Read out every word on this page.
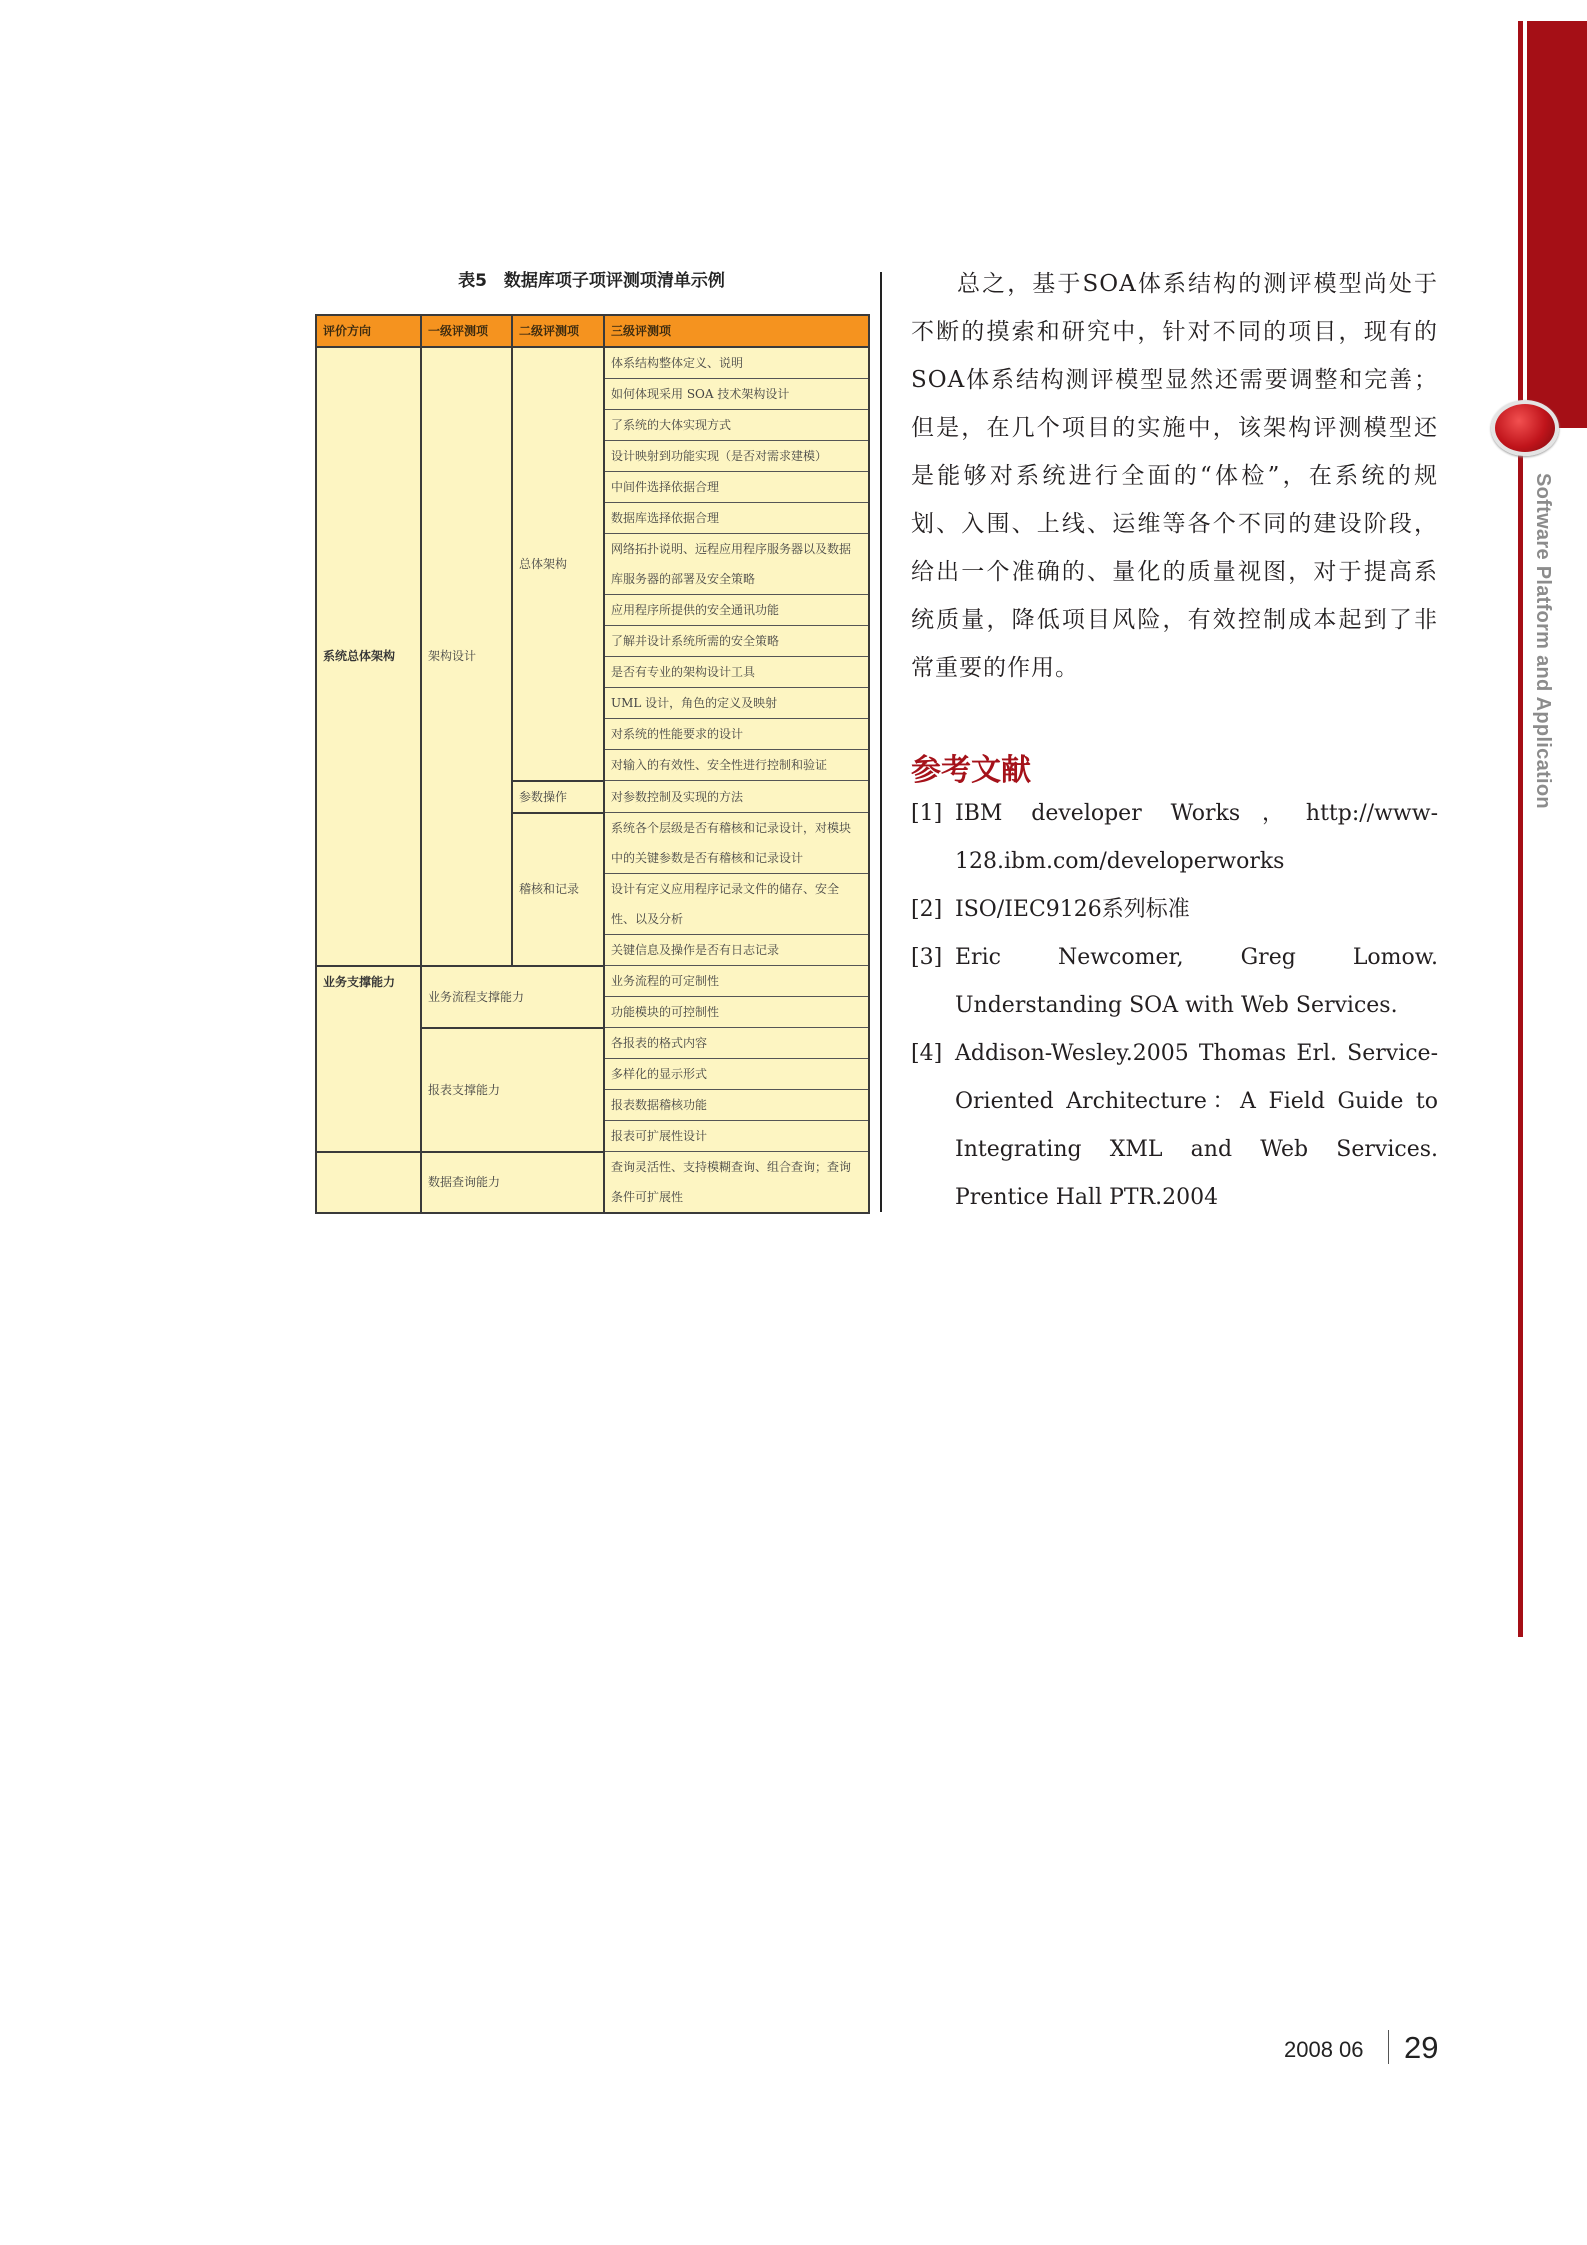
表5　数据库项子项评测项清单示例
评价方向	一级评测项	二级评测项	三级评测项
系统总体架构	架构设计	总体架构	体系结构整体定义、说明
			如何体现采用 SOA 技术架构设计
			了系统的大体实现方式
			设计映射到功能实现（是否对需求建模）
			中间件选择依据合理
			数据库选择依据合理
			网络拓扑说明、远程应用程序服务器以及数据库服务器的部署及安全策略
			应用程序所提供的安全通讯功能
			了解并设计系统所需的安全策略
			是否有专业的架构设计工具
			UML 设计，角色的定义及映射
			对系统的性能要求的设计
			对输入的有效性、安全性进行控制和验证
		参数操作	对参数控制及实现的方法
		稽核和记录	系统各个层级是否有稽核和记录设计，对模块中的关键参数是否有稽核和记录设计
			设计有定义应用程序记录文件的储存、安全性、以及分析
			关键信息及操作是否有日志记录
业务支撑能力	业务流程支撑能力		业务流程的可定制性
			功能模块的可控制性
	报表支撑能力		各报表的格式内容
			多样化的显示形式
			报表数据稽核功能
			报表可扩展性设计
	数据查询能力		查询灵活性、支持模糊查询、组合查询；查询条件可扩展性
总之，基于SOA体系结构的测评模型尚处于不断的摸索和研究中，针对不同的项目，现有的SOA体系结构测评模型显然还需要调整和完善；但是，在几个项目的实施中，该架构评测模型还是能够对系统进行全面的“体检”，在系统的规划、入围、上线、运维等各个不同的建设阶段，给出一个准确的、量化的质量视图，对于提高系统质量，降低项目风险，有效控制成本起到了非常重要的作用。
参考文献
[1] IBM developer Works，http://www-128.ibm.com/developerworks
[2] ISO/IEC9126系列标准
[3] Eric Newcomer, Greg Lomow. Understanding SOA with Web Services.
[4] Addison-Wesley.2005 Thomas Erl. Service-Oriented Architecture：A Field Guide to Integrating XML and Web Services. Prentice Hall PTR.2004
Software Platform and Application
2008 06 29
